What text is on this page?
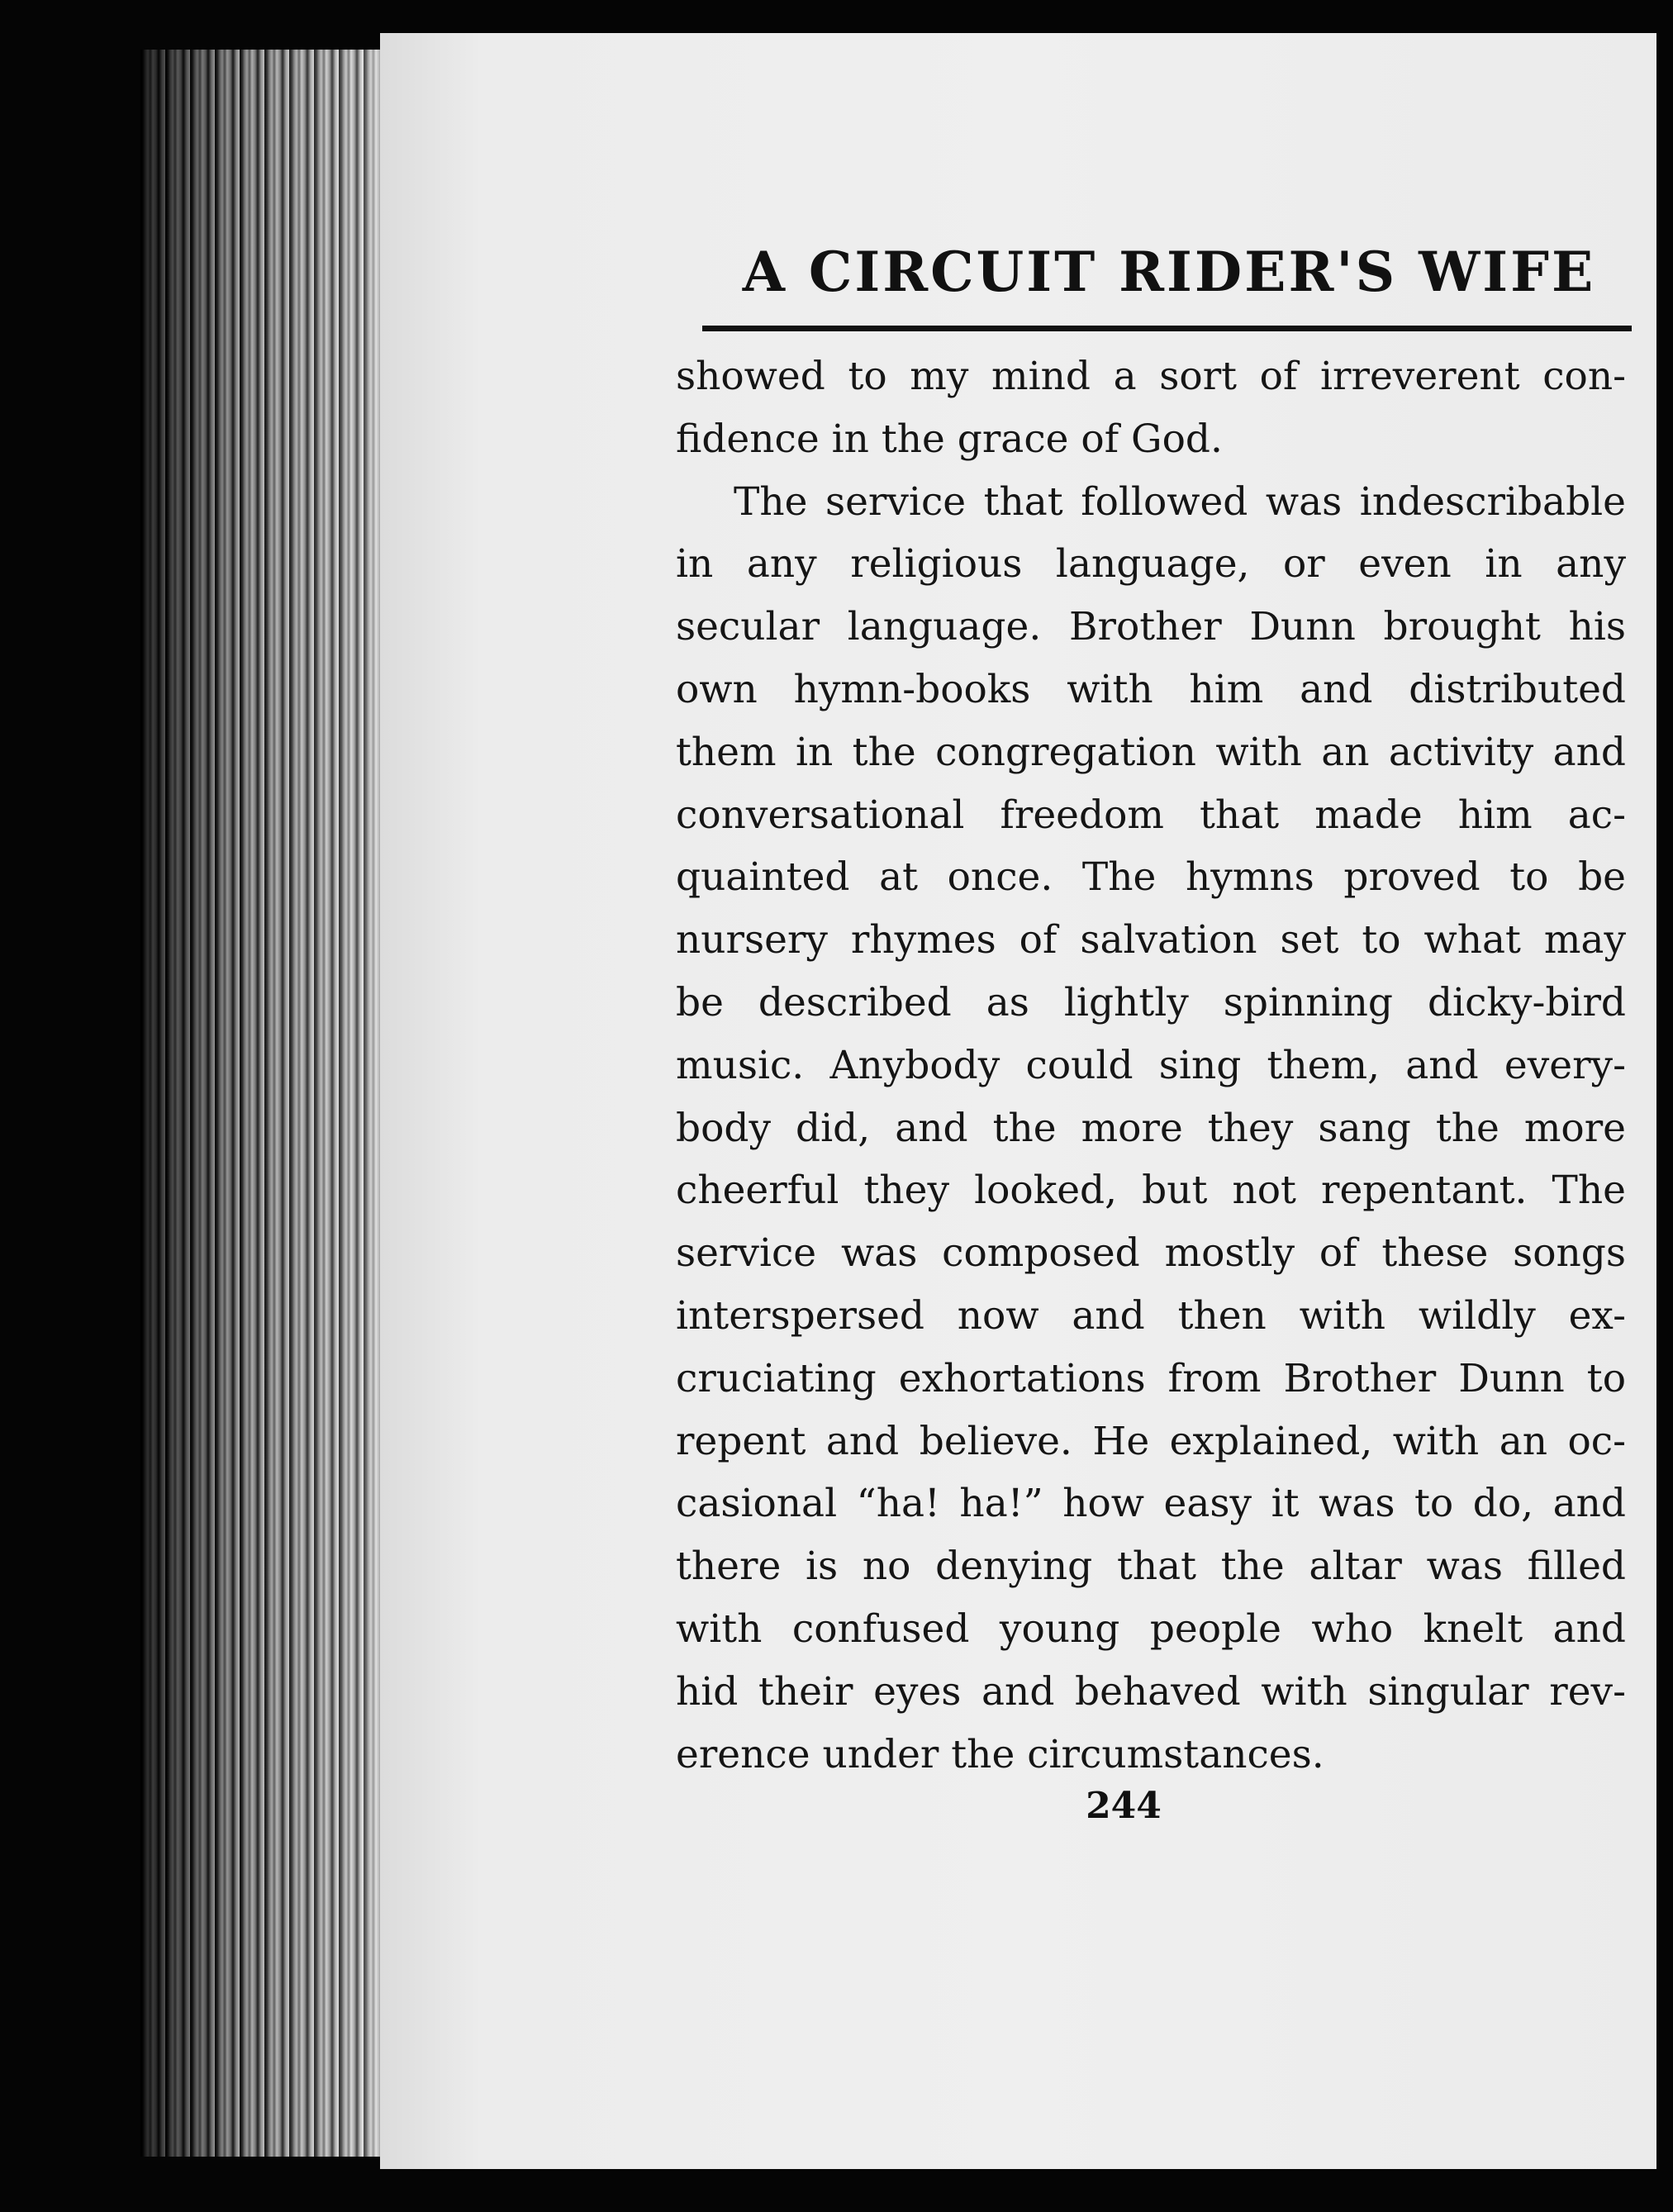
A CIRCUIT RIDER'S WIFE
showed to my mind a sort of irreverent con-
fidence in the grace of God.
The service that followed was indescribable
in any religious language, or even in any
secular language. Brother Dunn brought his
own hymn-books with him and distributed
them in the congregation with an activity and
conversational freedom that made him ac-
quainted at once. The hymns proved to be
nursery rhymes of salvation set to what may
be described as lightly spinning dicky-bird
music. Anybody could sing them, and every-
body did, and the more they sang the more
cheerful they looked, but not repentant. The
service was composed mostly of these songs
interspersed now and then with wildly ex-
cruciating exhortations from Brother Dunn to
repent and believe. He explained, with an oc-
casional “ha! ha!” how easy it was to do, and
there is no denying that the altar was filled
with confused young people who knelt and
hid their eyes and behaved with singular rev-
erence under the circumstances.
244
